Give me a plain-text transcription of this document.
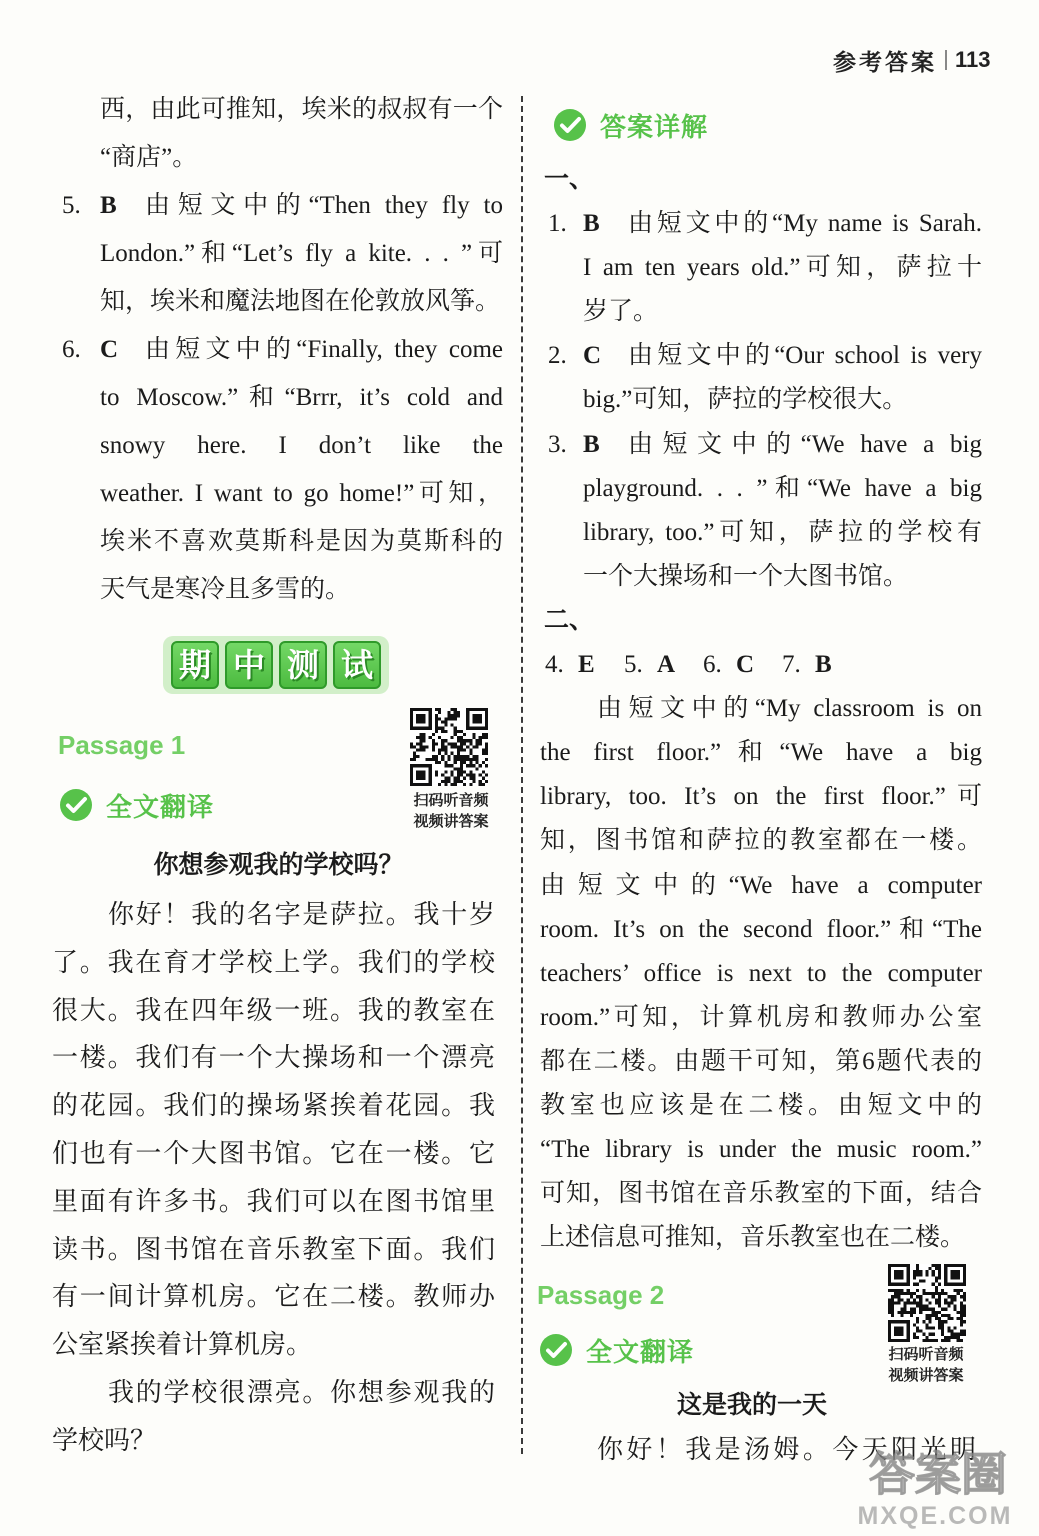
参考答案 113
西，由此可推知，埃米的叔叔有一个
“商店”。
5. B	由短文中的“Then they fly to
London.”和“Let’s fly a kite. . . ”可
知，埃米和魔法地图在伦敦放风筝。
6. C	由短文中的“Finally, they come
to Moscow.”和“Brrr, it’s cold and
snowy here. I don’t like the
weather. I want to go home!”可知，
埃米不喜欢莫斯科是因为莫斯科的
天气是寒冷且多雪的。
期 中 测 试
Passage 1
扫码听音频
视频讲答案
全文翻译
你想参观我的学校吗？
你好！我的名字是萨拉。我十岁
了。我在育才学校上学。我们的学校
很大。我在四年级一班。我的教室在
一楼。我们有一个大操场和一个漂亮
的花园。我们的操场紧挨着花园。我
们也有一个大图书馆。它在一楼。它
里面有许多书。我们可以在图书馆里
读书。图书馆在音乐教室下面。我们
有一间计算机房。它在二楼。教师办
公室紧挨着计算机房。
我的学校很漂亮。你想参观我的
学校吗？
答案详解
一、
1. B	由短文中的“My name is Sarah.
I am ten years old.”可知，萨拉十
岁了。
2. C	由短文中的“Our school is very
big.”可知，萨拉的学校很大。
3. B	由短文中的“We have a big
playground. . . ”和“We have a big
library, too.”可知，萨拉的学校有
一个大操场和一个大图书馆。
二、
4. E	5. A	6. C	7. B
由短文中的“My classroom is on
the first floor.”和“We have a big
library, too. It’s on the first floor.”可
知，图书馆和萨拉的教室都在一楼。
由短文中的“We have a computer
room. It’s on the second floor.”和“The
teachers’ office is next to the computer
room.”可知，计算机房和教师办公室
都在二楼。由题干可知，第6题代表的
教室也应该是在二楼。由短文中的
“The library is under the music room.”
可知，图书馆在音乐教室的下面，结合
上述信息可推知，音乐教室也在二楼。
Passage 2
扫码听音频
视频讲答案
全文翻译
这是我的一天
你好！我是汤姆。今天阳光明
答案圈
MXQE.COM
